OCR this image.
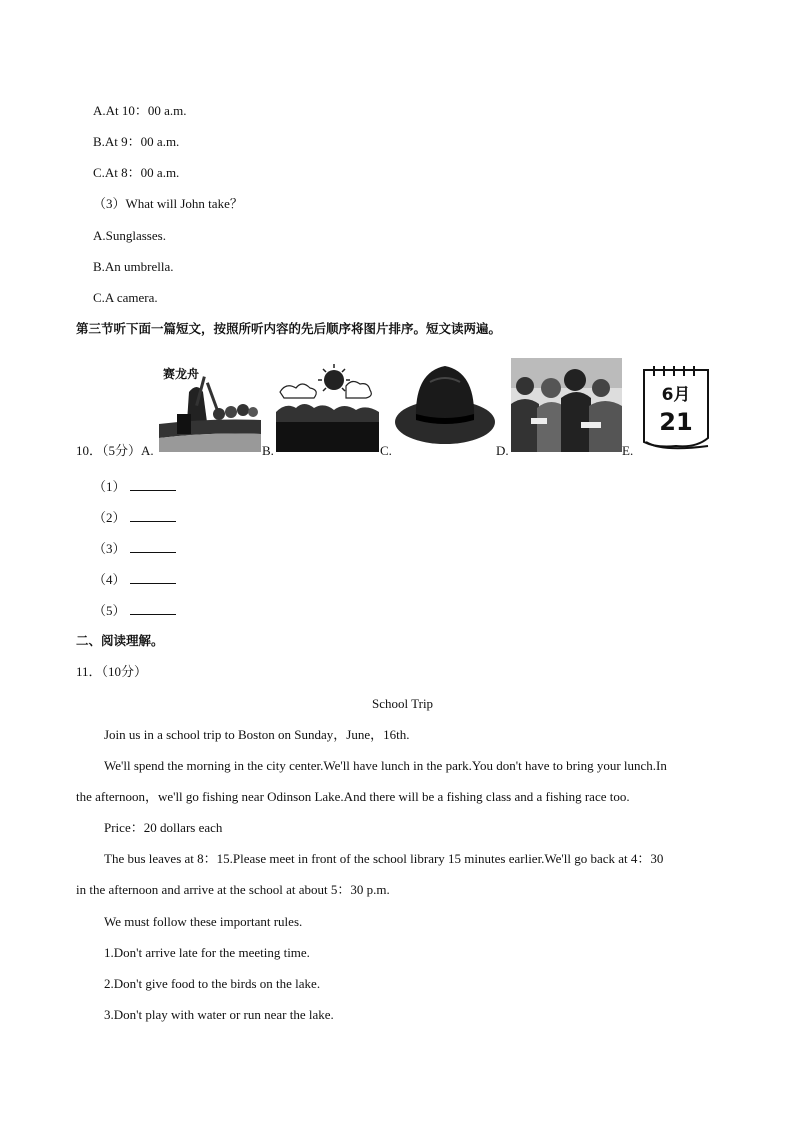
A.At 10：00 a.m.
B.At 9：00 a.m.
C.At 8：00 a.m.
（3）What will John take？
A.Sunglasses.
B.An umbrella.
C.A camera.
第三节听下面一篇短文，按照所听内容的先后顺序将图片排序。短文读两遍。
10．（5分）A.
赛龙舟
B.	C.	D.	E.
6月
21
（1）
（2）
（3）
（4）
（5）
二、阅读理解。
11．（10分）
School Trip
Join us in a school trip to Boston on Sunday，June，16th.
We'll spend the morning in the city center.We'll have lunch in the park.You don't have to bring your lunch.In
the afternoon，we'll go fishing near Odinson Lake.And there will be a fishing class and a fishing race too.
Price：20 dollars each
The bus leaves at 8：15.Please meet in front of the school library 15 minutes earlier.We'll go back at 4：30
in the afternoon and arrive at the school at about 5：30 p.m.
We must follow these important rules.
1.Don't arrive late for the meeting time.
2.Don't give food to the birds on the lake.
3.Don't play with water or run near the lake.
